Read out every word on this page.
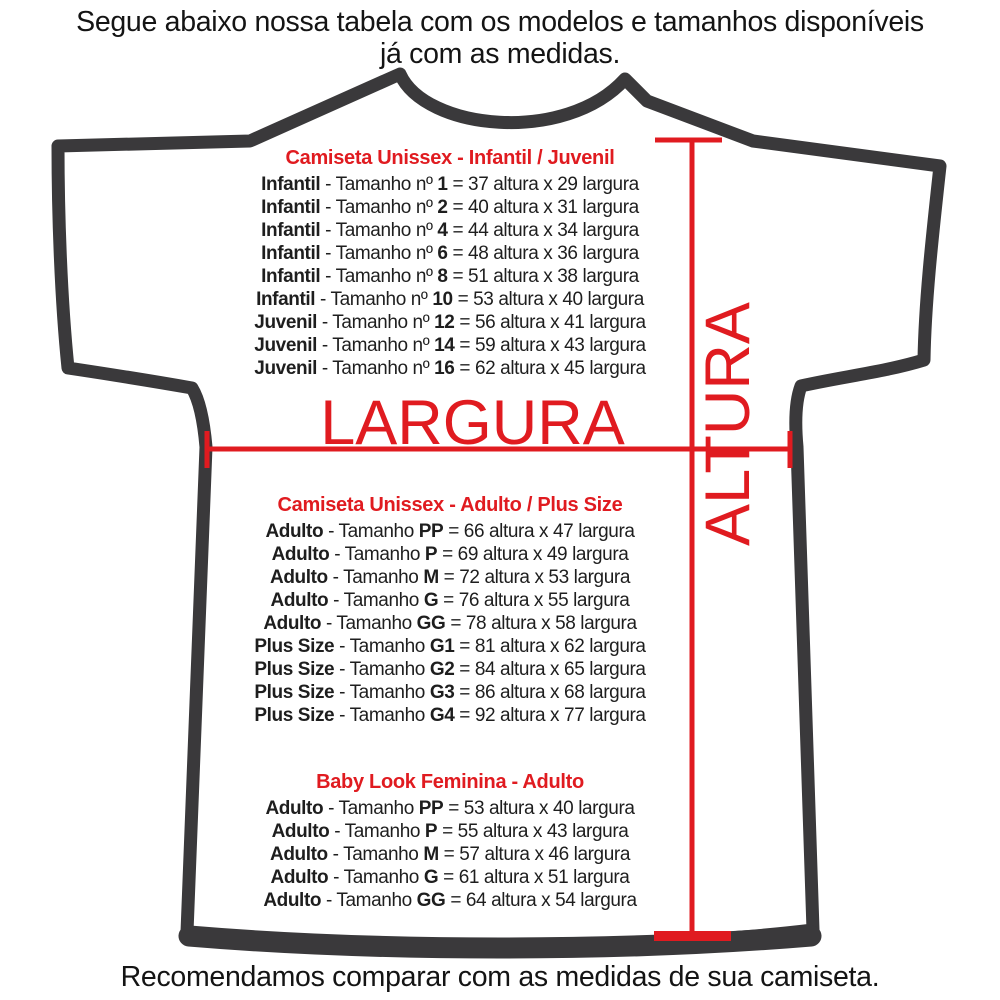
Segue abaixo nossa tabela com os modelos e tamanhos disponíveis
já com as medidas.
LARGURA	ALTURA
Camiseta Unissex - Infantil / Juvenil
Infantil - Tamanho nº 1 = 37 altura x 29 largura
Infantil - Tamanho nº 2 = 40 altura x 31 largura
Infantil - Tamanho nº 4 = 44 altura x 34 largura
Infantil - Tamanho nº 6 = 48 altura x 36 largura
Infantil - Tamanho nº 8 = 51 altura x 38 largura
Infantil - Tamanho nº 10 = 53 altura x 40 largura
Juvenil - Tamanho nº 12 = 56 altura x 41 largura
Juvenil - Tamanho nº 14 = 59 altura x 43 largura
Juvenil - Tamanho nº 16 = 62 altura x 45 largura
Camiseta Unissex - Adulto / Plus Size
Adulto - Tamanho PP = 66 altura x 47 largura
Adulto - Tamanho P = 69 altura x 49 largura
Adulto - Tamanho M = 72 altura x 53 largura
Adulto - Tamanho G = 76 altura x 55 largura
Adulto - Tamanho GG = 78 altura x 58 largura
Plus Size - Tamanho G1 = 81 altura x 62 largura
Plus Size - Tamanho G2 = 84 altura x 65 largura
Plus Size - Tamanho G3 = 86 altura x 68 largura
Plus Size - Tamanho G4 = 92 altura x 77 largura
Baby Look Feminina - Adulto
Adulto - Tamanho PP = 53 altura x 40 largura
Adulto - Tamanho P = 55 altura x 43 largura
Adulto - Tamanho M = 57 altura x 46 largura
Adulto - Tamanho G = 61 altura x 51 largura
Adulto - Tamanho GG = 64 altura x 54 largura
Recomendamos comparar com as medidas de sua camiseta.
